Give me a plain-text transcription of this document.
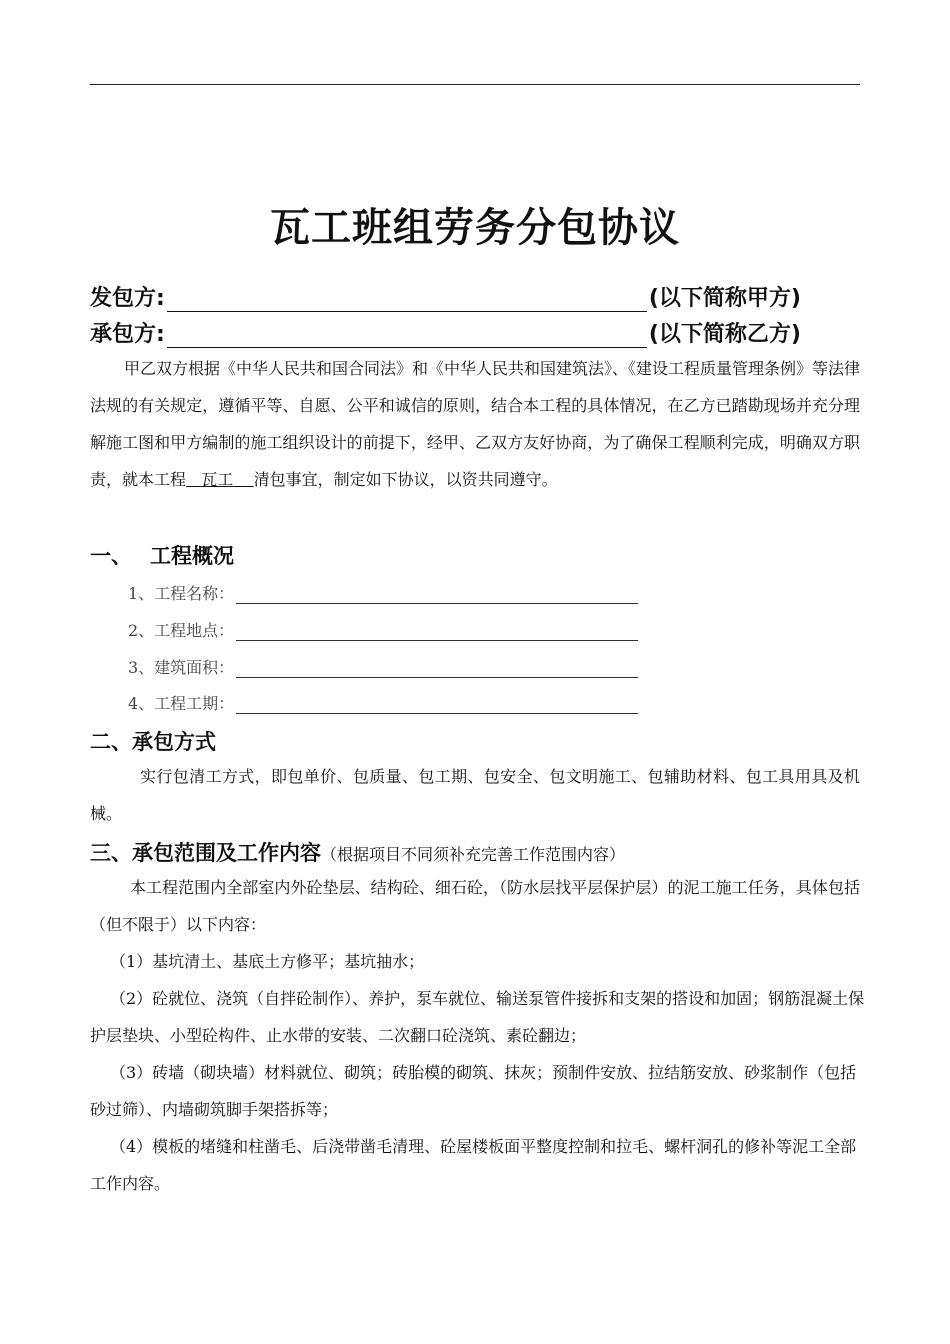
瓦工班组劳务分包协议
发包方:	(以下简称甲方)
承包方:	(以下简称乙方)
甲乙双方根据《中华人民共和国合同法》和《中华人民共和国建筑法》、《建设工程质量管理条例》等法律法规的有关规定，遵循平等、自愿、公平和诚信的原则，结合本工程的具体情况，在乙方已踏勘现场并充分理解施工图和甲方编制的施工组织设计的前提下，经甲、乙双方友好协商，为了确保工程顺利完成，明确双方职责，就本工程 瓦工 清包事宜，制定如下协议，以资共同遵守。
一、 工程概况
1、工程名称：
2、工程地点：
3、建筑面积：
4、工程工期：
二、承包方式
实行包清工方式，即包单价、包质量、包工期、包安全、包文明施工、包辅助材料、包工具用具及机械。
三、承包范围及工作内容（根据项目不同须补充完善工作范围内容）
本工程范围内全部室内外砼垫层、结构砼、细石砼，（防水层找平层保护层）的泥工施工任务，具体包括（但不限于）以下内容：
（1）基坑清土、基底土方修平；基坑抽水；
（2）砼就位、浇筑（自拌砼制作）、养护，泵车就位、输送泵管件接拆和支架的搭设和加固；钢筋混凝土保护层垫块、小型砼构件、止水带的安装、二次翻口砼浇筑、素砼翻边；
（3）砖墙（砌块墙）材料就位、砌筑；砖胎模的砌筑、抹灰；预制件安放、拉结筋安放、砂浆制作（包括砂过筛）、内墙砌筑脚手架搭拆等；
（4）模板的堵缝和柱凿毛、后浇带凿毛清理、砼屋楼板面平整度控制和拉毛、螺杆洞孔的修补等泥工全部工作内容。
